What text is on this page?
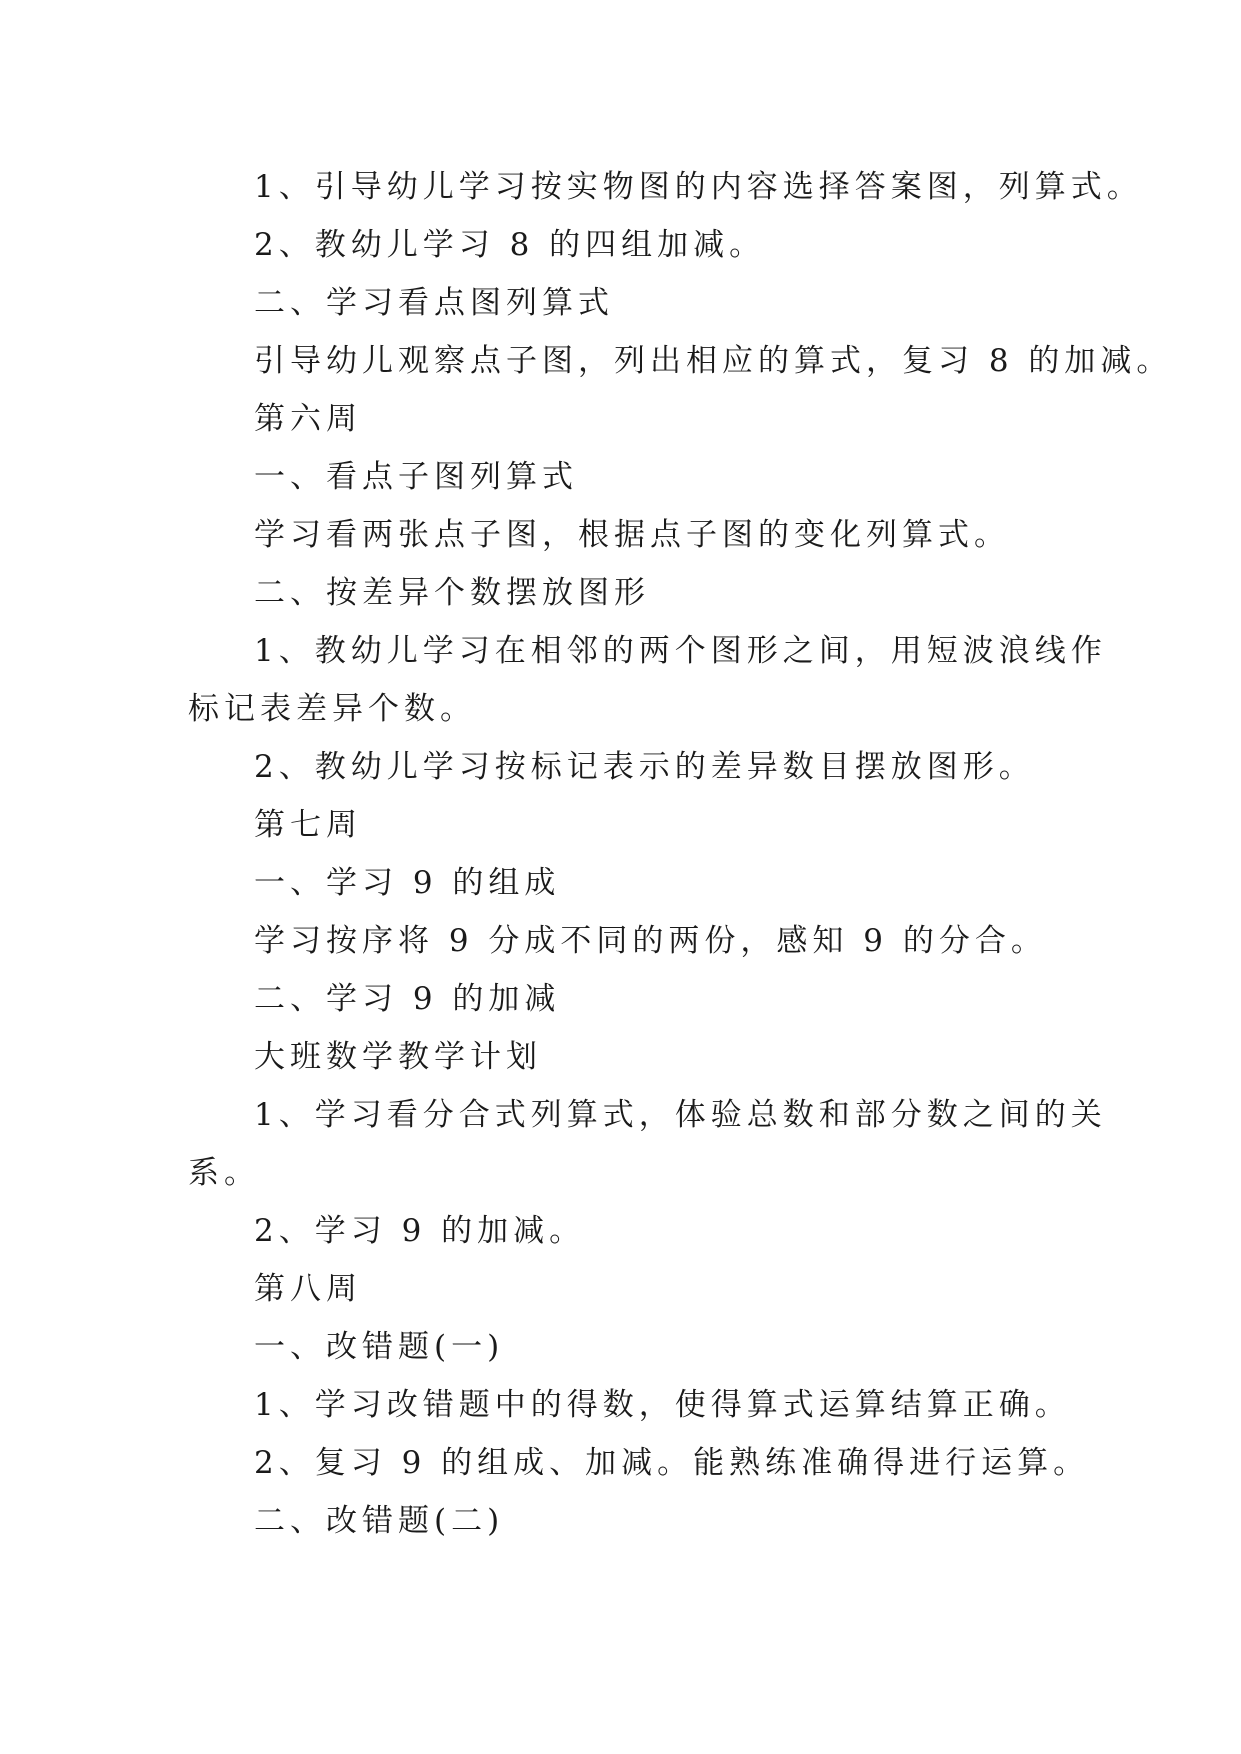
1、引导幼儿学习按实物图的内容选择答案图，列算式。

2、教幼儿学习 8 的四组加减。

二、学习看点图列算式

引导幼儿观察点子图，列出相应的算式，复习 8 的加减。

第六周

一、看点子图列算式

学习看两张点子图，根据点子图的变化列算式。

二、按差异个数摆放图形

1、教幼儿学习在相邻的两个图形之间，用短波浪线作

标记表差异个数。

2、教幼儿学习按标记表示的差异数目摆放图形。

第七周

一、学习 9 的组成

学习按序将 9 分成不同的两份，感知 9 的分合。

二、学习 9 的加减

大班数学教学计划

1、学习看分合式列算式，体验总数和部分数之间的关

系。

2、学习 9 的加减。

第八周

一、改错题(一)

1、学习改错题中的得数，使得算式运算结算正确。

2、复习 9 的组成、加减。能熟练准确得进行运算。

二、改错题(二)
